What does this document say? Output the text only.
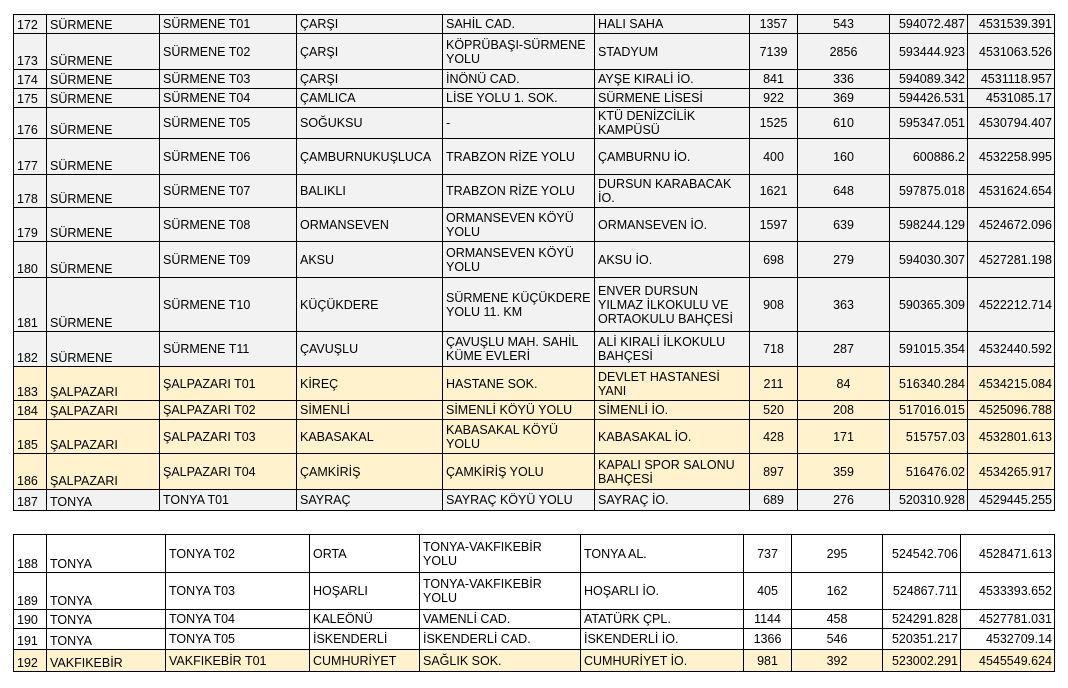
172	SÜRMENE	SÜRMENE T01	ÇARŞI	SAHİL CAD.	HALI SAHA	1357	543	594072.487	4531539.391
173	SÜRMENE	SÜRMENE T02	ÇARŞI	KÖPRÜBAŞI-SÜRMENE YOLU	STADYUM	7139	2856	593444.923	4531063.526
174	SÜRMENE	SÜRMENE T03	ÇARŞI	İNÖNÜ CAD.	AYŞE KIRALİ İO.	841	336	594089.342	4531118.957
175	SÜRMENE	SÜRMENE T04	ÇAMLICA	LİSE YOLU 1. SOK.	SÜRMENE LİSESİ	922	369	594426.531	4531085.17
176	SÜRMENE	SÜRMENE T05	SOĞUKSU	-	KTÜ DENİZCİLİK KAMPÜSÜ	1525	610	595347.051	4530794.407
177	SÜRMENE	SÜRMENE T06	ÇAMBURNUKUŞLUCA	TRABZON RİZE YOLU	ÇAMBURNU İO.	400	160	600886.2	4532258.995
178	SÜRMENE	SÜRMENE T07	BALIKLI	TRABZON RİZE YOLU	DURSUN KARABACAK İO.	1621	648	597875.018	4531624.654
179	SÜRMENE	SÜRMENE T08	ORMANSEVEN	ORMANSEVEN KÖYÜ YOLU	ORMANSEVEN İO.	1597	639	598244.129	4524672.096
180	SÜRMENE	SÜRMENE T09	AKSU	ORMANSEVEN KÖYÜ YOLU	AKSU İO.	698	279	594030.307	4527281.198
181	SÜRMENE	SÜRMENE T10	KÜÇÜKDERE	SÜRMENE KÜÇÜKDERE YOLU 11. KM	ENVER DURSUN YILMAZ İLKOKULU VE ORTAOKULU BAHÇESİ	908	363	590365.309	4522212.714
182	SÜRMENE	SÜRMENE T11	ÇAVUŞLU	ÇAVUŞLU MAH. SAHİL KÜME EVLERİ	ALİ KIRALİ İLKOKULU BAHÇESİ	718	287	591015.354	4532440.592
183	ŞALPAZARI	ŞALPAZARI T01	KİREÇ	HASTANE SOK.	DEVLET HASTANESİ YANI	211	84	516340.284	4534215.084
184	ŞALPAZARI	ŞALPAZARI T02	SİMENLİ	SİMENLİ KÖYÜ YOLU	SİMENLİ İO.	520	208	517016.015	4525096.788
185	ŞALPAZARI	ŞALPAZARI T03	KABASAKAL	KABASAKAL KÖYÜ YOLU	KABASAKAL İO.	428	171	515757.03	4532801.613
186	ŞALPAZARI	ŞALPAZARI T04	ÇAMKİRİŞ	ÇAMKİRİŞ YOLU	KAPALI SPOR SALONU BAHÇESİ	897	359	516476.02	4534265.917
187	TONYA	TONYA T01	SAYRAÇ	SAYRAÇ KÖYÜ YOLU	SAYRAÇ İO.	689	276	520310.928	4529445.255
188	TONYA	TONYA T02	ORTA	TONYA-VAKFIKEBİR YOLU	TONYA AL.	737	295	524542.706	4528471.613
189	TONYA	TONYA T03	HOŞARLI	TONYA-VAKFIKEBİR YOLU	HOŞARLI İO.	405	162	524867.711	4533393.652
190	TONYA	TONYA T04	KALEÖNÜ	VAMENLİ CAD.	ATATÜRK ÇPL.	1144	458	524291.828	4527781.031
191	TONYA	TONYA T05	İSKENDERLİ	İSKENDERLİ CAD.	İSKENDERLİ İO.	1366	546	520351.217	4532709.14
192	VAKFIKEBİR	VAKFIKEBİR T01	CUMHURİYET	SAĞLIK SOK.	CUMHURİYET İO.	981	392	523002.291	4545549.624
